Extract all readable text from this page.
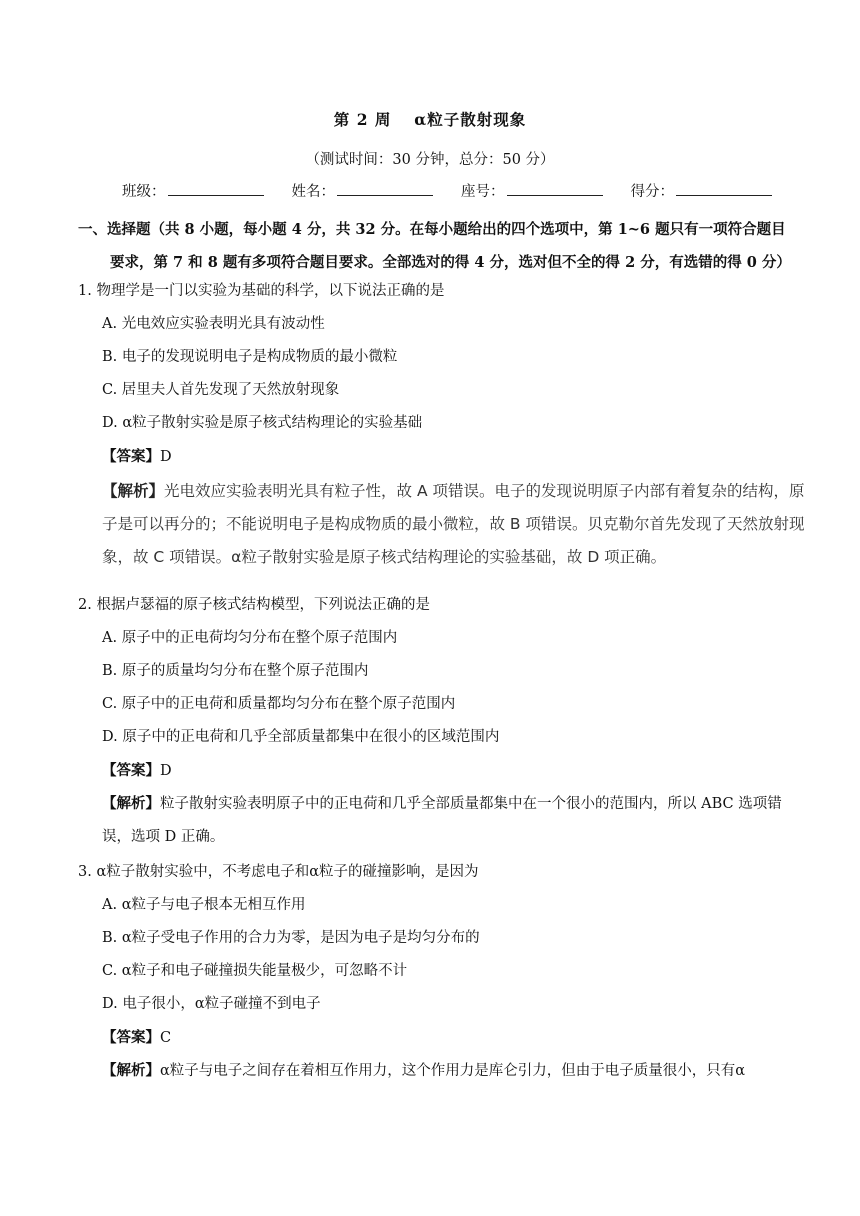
第 2 周　 α粒子散射现象
（测试时间：30 分钟，总分：50 分）
班级：	姓名：	座号：	得分：
一、选择题（共 8 小题，每小题 4 分，共 32 分。在每小题给出的四个选项中，第 1~6 题只有一项符合题目
要求，第 7 和 8 题有多项符合题目要求。全部选对的得 4 分，选对但不全的得 2 分，有选错的得 0 分）
1. 物理学是一门以实验为基础的科学，以下说法正确的是
A. 光电效应实验表明光具有波动性
B. 电子的发现说明电子是构成物质的最小微粒
C. 居里夫人首先发现了天然放射现象
D. α粒子散射实验是原子核式结构理论的实验基础
【答案】D
【解析】光电效应实验表明光具有粒子性，故 A 项错误。电子的发现说明原子内部有着复杂的结构，原子是可以再分的；不能说明电子是构成物质的最小微粒，故 B 项错误。贝克勒尔首先发现了天然放射现象，故 C 项错误。α粒子散射实验是原子核式结构理论的实验基础，故 D 项正确。
2. 根据卢瑟福的原子核式结构模型，下列说法正确的是
A. 原子中的正电荷均匀分布在整个原子范围内
B. 原子的质量均匀分布在整个原子范围内
C. 原子中的正电荷和质量都均匀分布在整个原子范围内
D. 原子中的正电荷和几乎全部质量都集中在很小的区域范围内
【答案】D
【解析】粒子散射实验表明原子中的正电荷和几乎全部质量都集中在一个很小的范围内，所以 ABC 选项错误，选项 D 正确。
3. α粒子散射实验中，不考虑电子和α粒子的碰撞影响，是因为
A. α粒子与电子根本无相互作用
B. α粒子受电子作用的合力为零，是因为电子是均匀分布的
C. α粒子和电子碰撞损失能量极少，可忽略不计
D. 电子很小，α粒子碰撞不到电子
【答案】C
【解析】α粒子与电子之间存在着相互作用力，这个作用力是库仑引力，但由于电子质量很小，只有α
